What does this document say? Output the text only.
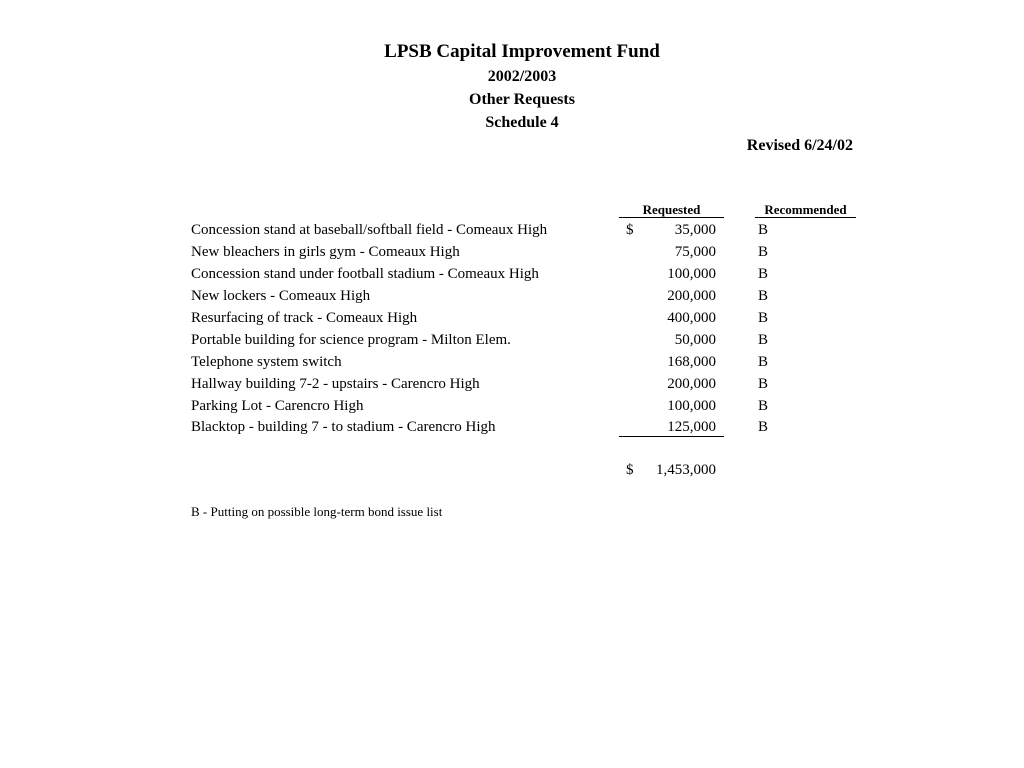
LPSB Capital Improvement Fund
2002/2003
Other Requests
Schedule 4
Revised 6/24/02
Requested	Recommended
Concession stand at baseball/softball field - Comeaux High	$	35,000	B
New bleachers in girls gym - Comeaux High	75,000	B
Concession stand under football stadium - Comeaux High	100,000	B
New lockers - Comeaux High	200,000	B
Resurfacing of track - Comeaux High	400,000	B
Portable building for science program - Milton Elem.	50,000	B
Telephone system switch	168,000	B
Hallway building 7-2 - upstairs - Carencro High	200,000	B
Parking Lot - Carencro High	100,000	B
Blacktop - building 7 - to stadium - Carencro High	125,000	B
$ 1,453,000
B - Putting on possible long-term bond issue list
